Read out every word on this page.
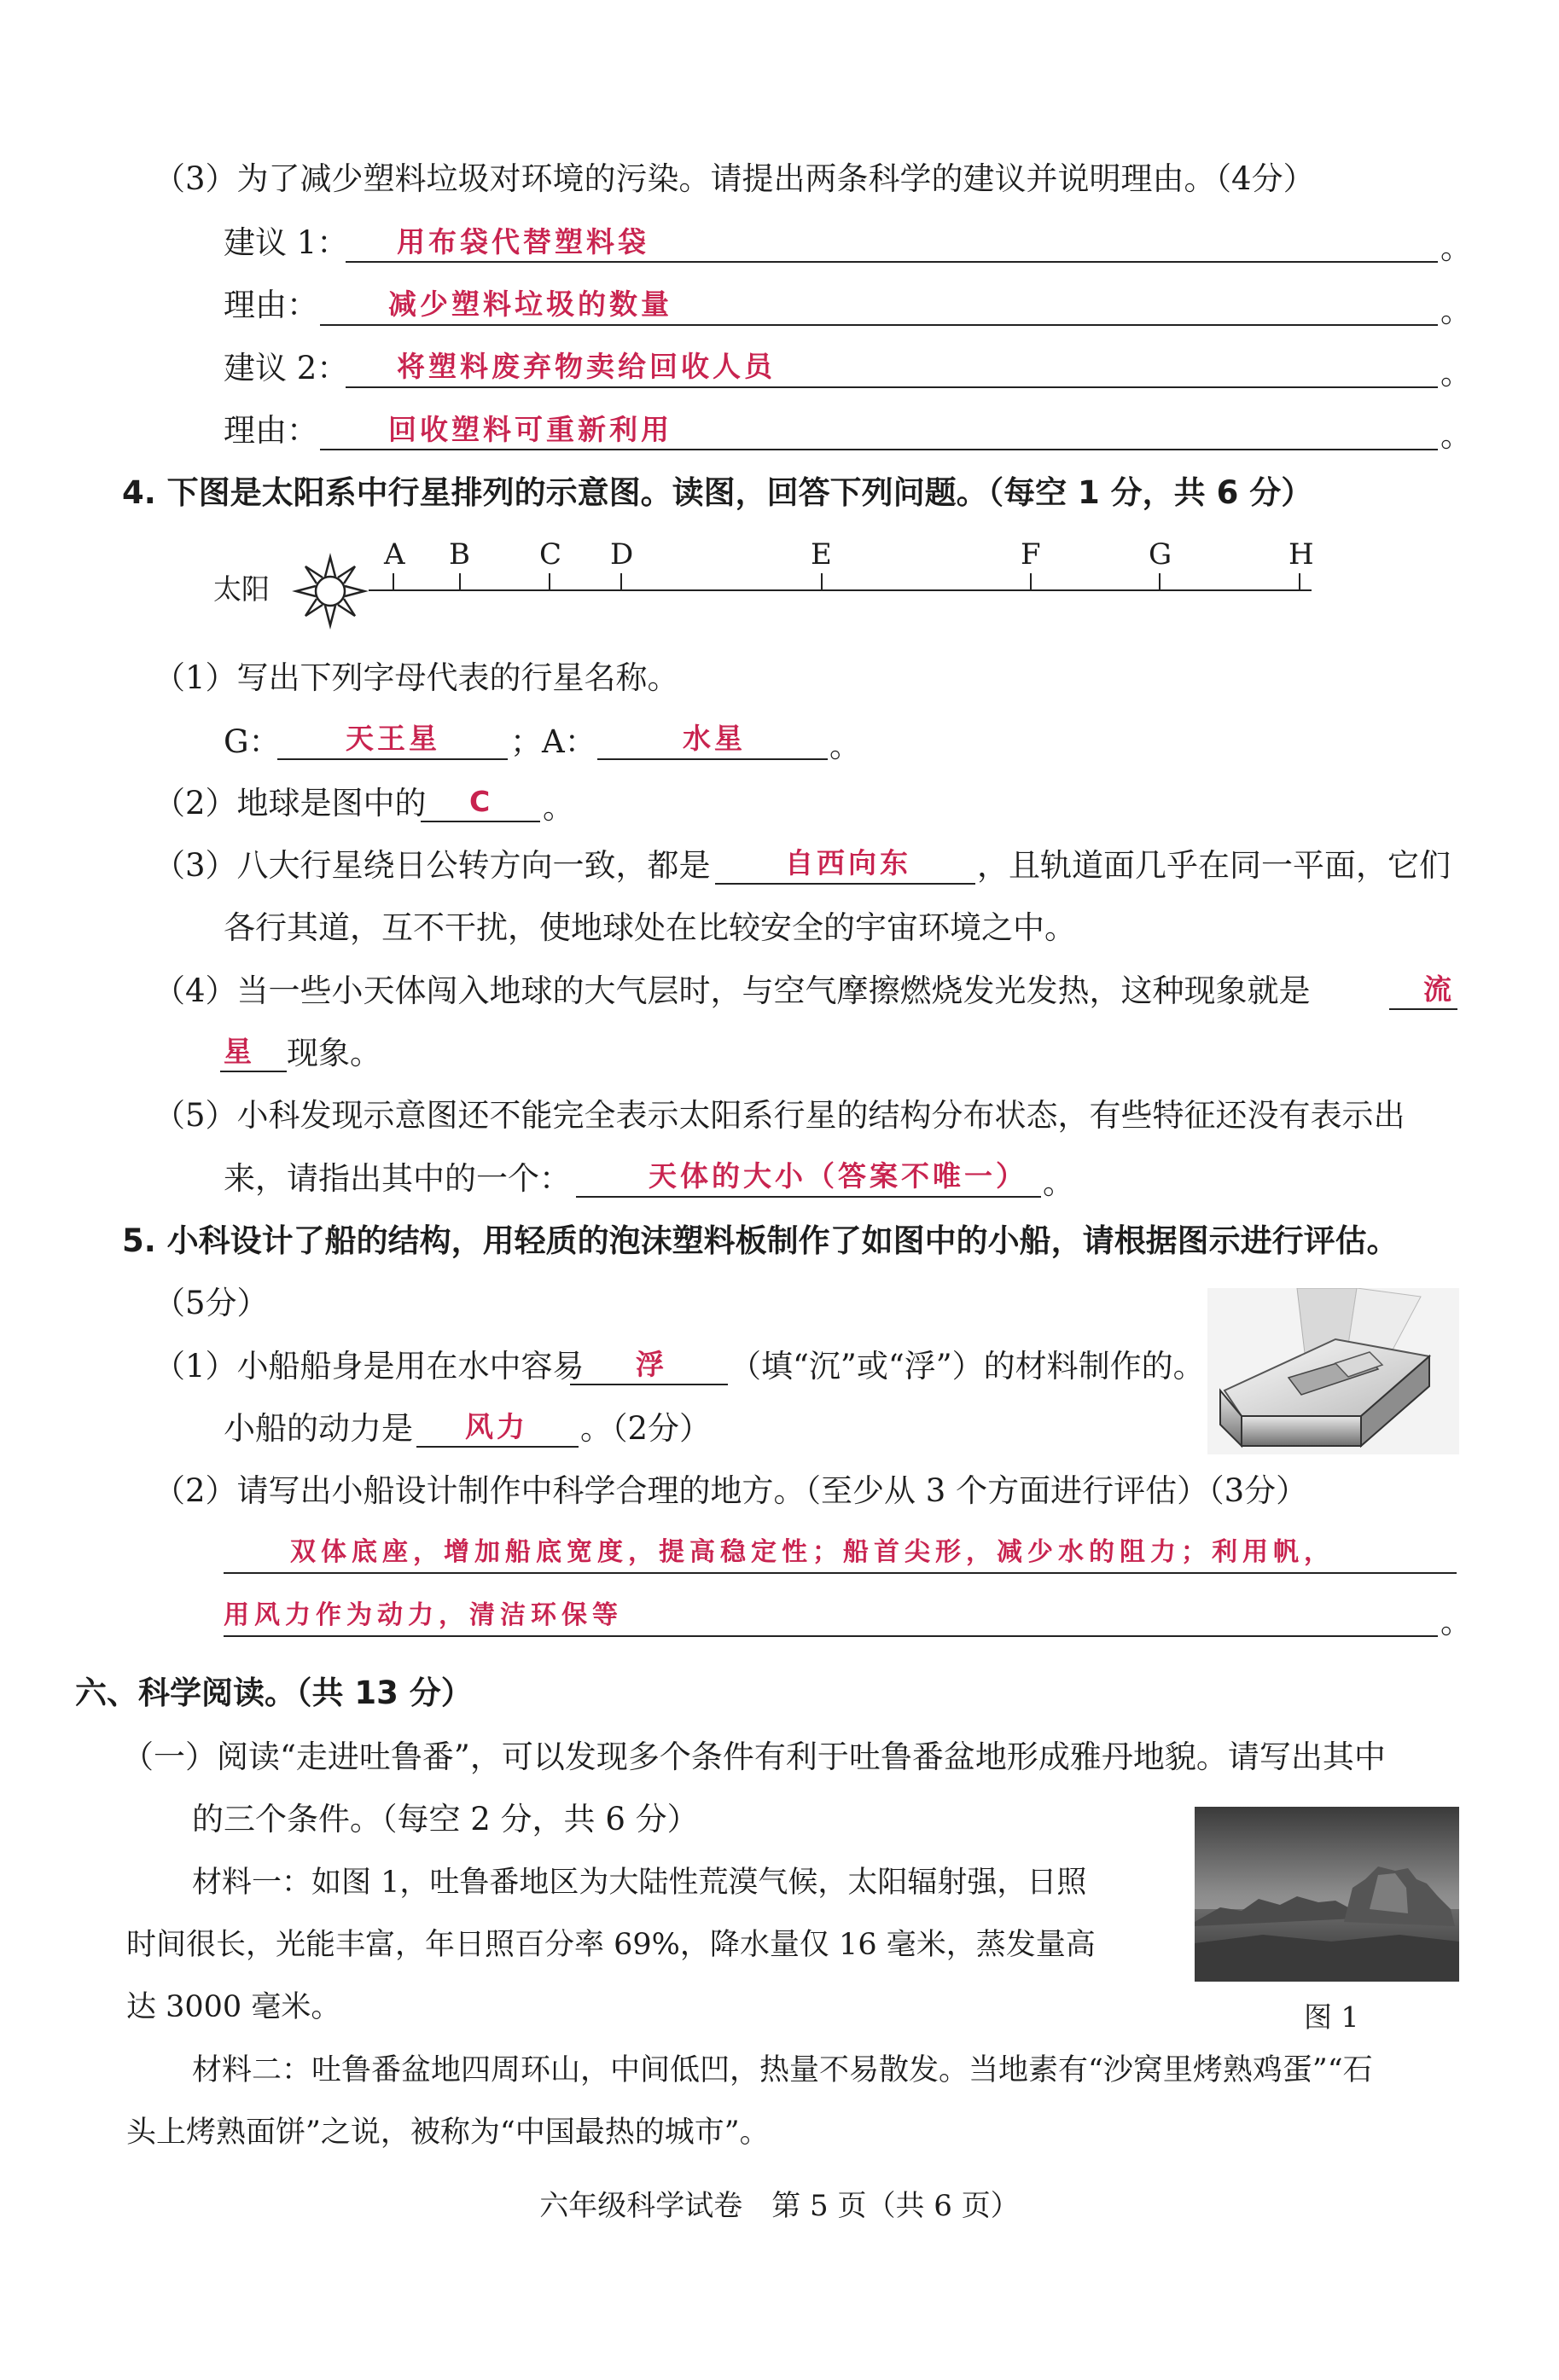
（3）为了减少塑料垃圾对环境的污染。请提出两条科学的建议并说明理由。（4分）
建议 1： 用布袋代替塑料袋	。
理由： 减少塑料垃圾的数量	。
建议 2： 将塑料废弃物卖给回收人员	。
理由： 回收塑料可重新利用	。
4. 下图是太阳系中行星排列的示意图。读图，回答下列问题。（每空 1 分，共 6 分）
太阳
A B C D	E	F	G	H
（1）写出下列字母代表的行星名称。
G： 天王星 ；A：	水星	。
（2）地球是图中的 C 。
（3）八大行星绕日公转方向一致，都是	自西向东 ，且轨道面几乎在同一平面，它们
各行其道，互不干扰，使地球处在比较安全的宇宙环境之中。
（4）当一些小天体闯入地球的大气层时，与空气摩擦燃烧发光发热，这种现象就是	流
星 现象。
（5）小科发现示意图还不能完全表示太阳系行星的结构分布状态，有些特征还没有表示出
来，请指出其中的一个：	天体的大小（答案不唯一） 。
5. 小科设计了船的结构，用轻质的泡沫塑料板制作了如图中的小船，请根据图示进行评估。
（5分）
（1）小船船身是用在水中容易 浮 （填“沉”或“浮”）的材料制作的。
小船的动力是 风力 。（2分）
（2）请写出小船设计制作中科学合理的地方。（至少从 3 个方面进行评估）（3分）
双体底座，增加船底宽度，提高稳定性；船首尖形，减少水的阻力；利用帆，
用风力作为动力，清洁环保等	。
六、科学阅读。（共 13 分）
（一）阅读“走进吐鲁番”，可以发现多个条件有利于吐鲁番盆地形成雅丹地貌。请写出其中
的三个条件。（每空 2 分，共 6 分）
材料一：如图 1，吐鲁番地区为大陆性荒漠气候，太阳辐射强，日照
时间很长，光能丰富，年日照百分率 69%，降水量仅 16 毫米，蒸发量高
达 3000 毫米。	图 1
材料二：吐鲁番盆地四周环山，中间低凹，热量不易散发。当地素有“沙窝里烤熟鸡蛋”“石
头上烤熟面饼”之说，被称为“中国最热的城市”。
六年级科学试卷　第 5 页（共 6 页）
